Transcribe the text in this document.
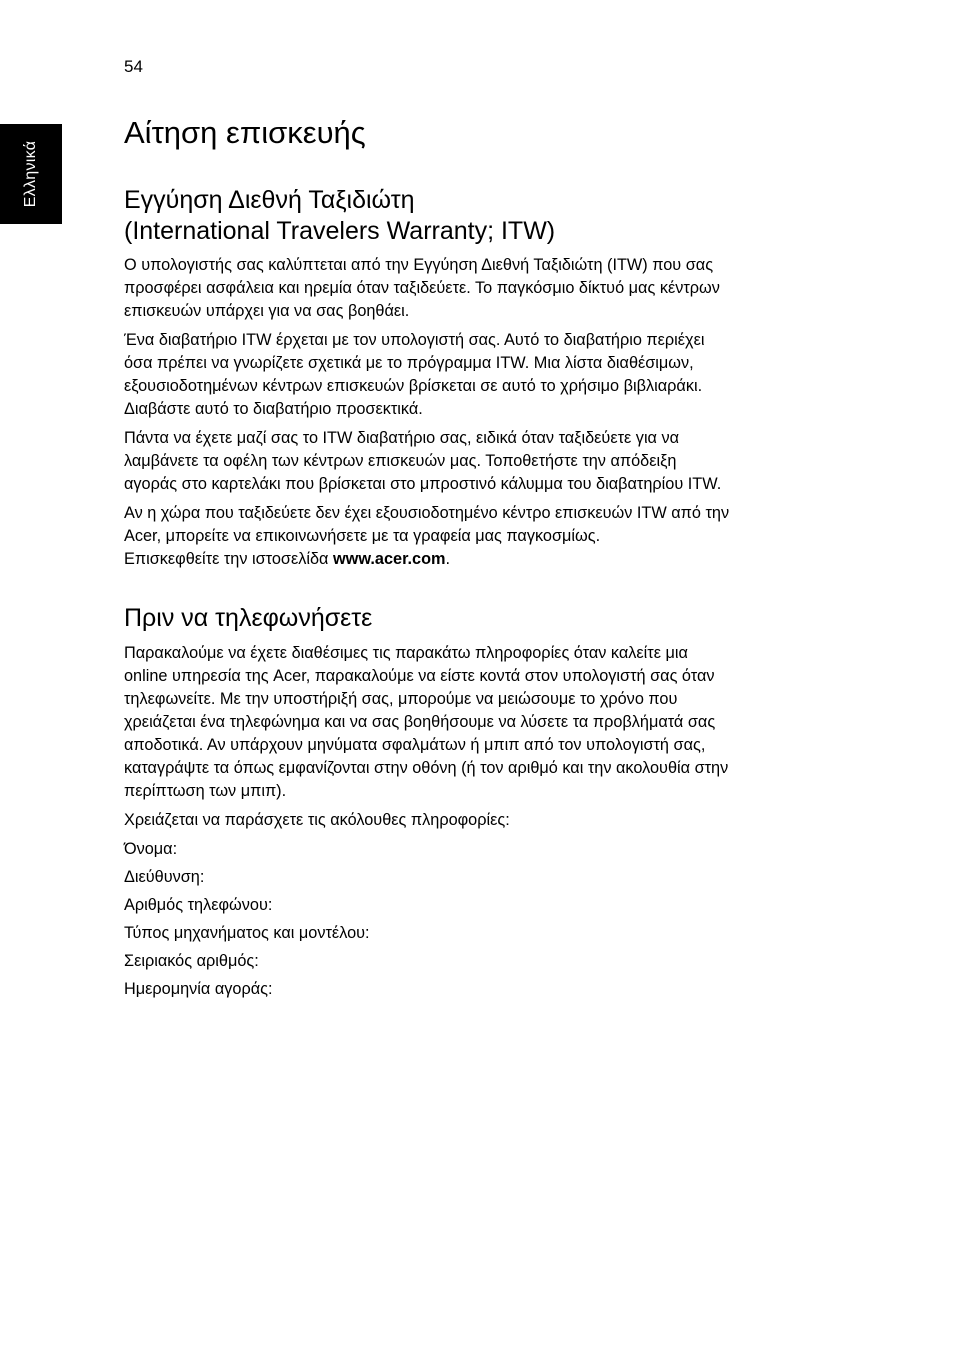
54
Ελληνικά
Αίτηση επισκευής
Εγγύηση Διεθνή Ταξιδιώτη
(International Travelers Warranty; ITW)

Ο υπολογιστής σας καλύπτεται από την Εγγύηση Διεθνή Ταξιδιώτη (ITW) που σας
προσφέρει ασφάλεια και ηρεμία όταν ταξιδεύετε. Το παγκόσμιο δίκτυό μας κέντρων
επισκευών υπάρχει για να σας βοηθάει.

Ένα διαβατήριο ITW έρχεται με τον υπολογιστή σας. Αυτό το διαβατήριο περιέχει
όσα πρέπει να γνωρίζετε σχετικά με το πρόγραμμα ITW. Μια λίστα διαθέσιμων,
εξουσιοδοτημένων κέντρων επισκευών βρίσκεται σε αυτό το χρήσιμο βιβλιαράκι.
Διαβάστε αυτό το διαβατήριο προσεκτικά.

Πάντα να έχετε μαζί σας το ITW διαβατήριο σας, ειδικά όταν ταξιδεύετε για να
λαμβάνετε τα οφέλη των κέντρων επισκευών μας. Τοποθετήστε την απόδειξη
αγοράς στο καρτελάκι που βρίσκεται στο μπροστινό κάλυμμα του διαβατηρίου ITW.

Αν η χώρα που ταξιδεύετε δεν έχει εξουσιοδοτημένο κέντρο επισκευών ITW από την
Acer, μπορείτε να επικοινωνήσετε με τα γραφεία μας παγκοσμίως.
Επισκεφθείτε την ιστοσελίδα www.acer.com.

Πριν να τηλεφωνήσετε

Παρακαλούμε να έχετε διαθέσιμες τις παρακάτω πληροφορίες όταν καλείτε μια
online υπηρεσία της Acer, παρακαλούμε να είστε κοντά στον υπολογιστή σας όταν
τηλεφωνείτε. Με την υποστήριξή σας, μπορούμε να μειώσουμε το χρόνο που
χρειάζεται ένα τηλεφώνημα και να σας βοηθήσουμε να λύσετε τα προβλήματά σας
αποδοτικά. Αν υπάρχουν μηνύματα σφαλμάτων ή μπιπ από τον υπολογιστή σας,
καταγράψτε τα όπως εμφανίζονται στην οθόνη (ή τον αριθμό και την ακολουθία στην
περίπτωση των μπιπ).

Χρειάζεται να παράσχετε τις ακόλουθες πληροφορίες:

Όνομα:
Διεύθυνση:
Αριθμός τηλεφώνου:
Τύπος μηχανήματος και μοντέλου:
Σειριακός αριθμός:
Ημερομηνία αγοράς:
